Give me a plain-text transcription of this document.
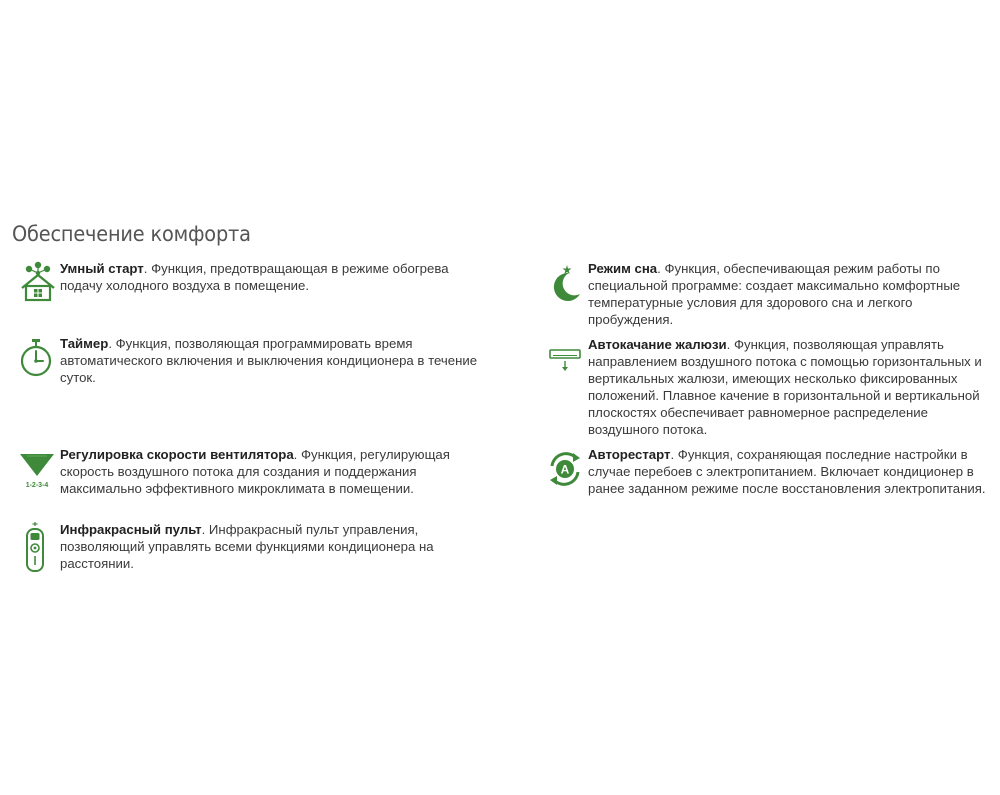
Обеспечение комфорта
Умный старт. Функция, предотвращающая в режиме обогрева подачу холодного воздуха в помещение.
Таймер. Функция, позволяющая программировать время автоматического включения и выключения кондиционера в течение суток.
1-2-3-4
Регулировка скорости вентилятора. Функция, регулирующая скорость воздушного потока для создания и поддержания максимально эффективного микроклимата в помещении.
Инфракрасный пульт. Инфракрасный пульт управления, позволяющий управлять всеми функциями кондиционера на расстоянии.
Режим сна. Функция, обеспечивающая режим работы по специальной программе: создает максимально комфортные температурные условия для здорового сна и легкого пробуждения.
Автокачание жалюзи. Функция, позволяющая управлять направлением воздушного потока с помощью горизонтальных и вертикальных жалюзи, имеющих несколько фиксированных положений. Плавное качение в горизонтальной и вертикальной плоскостях обеспечивает равномерное распределение воздушного потока.
A
Авторестарт. Функция, сохраняющая последние настройки в случае перебоев с электропитанием. Включает кондиционер в ранее заданном режиме после восстановления электропитания.
